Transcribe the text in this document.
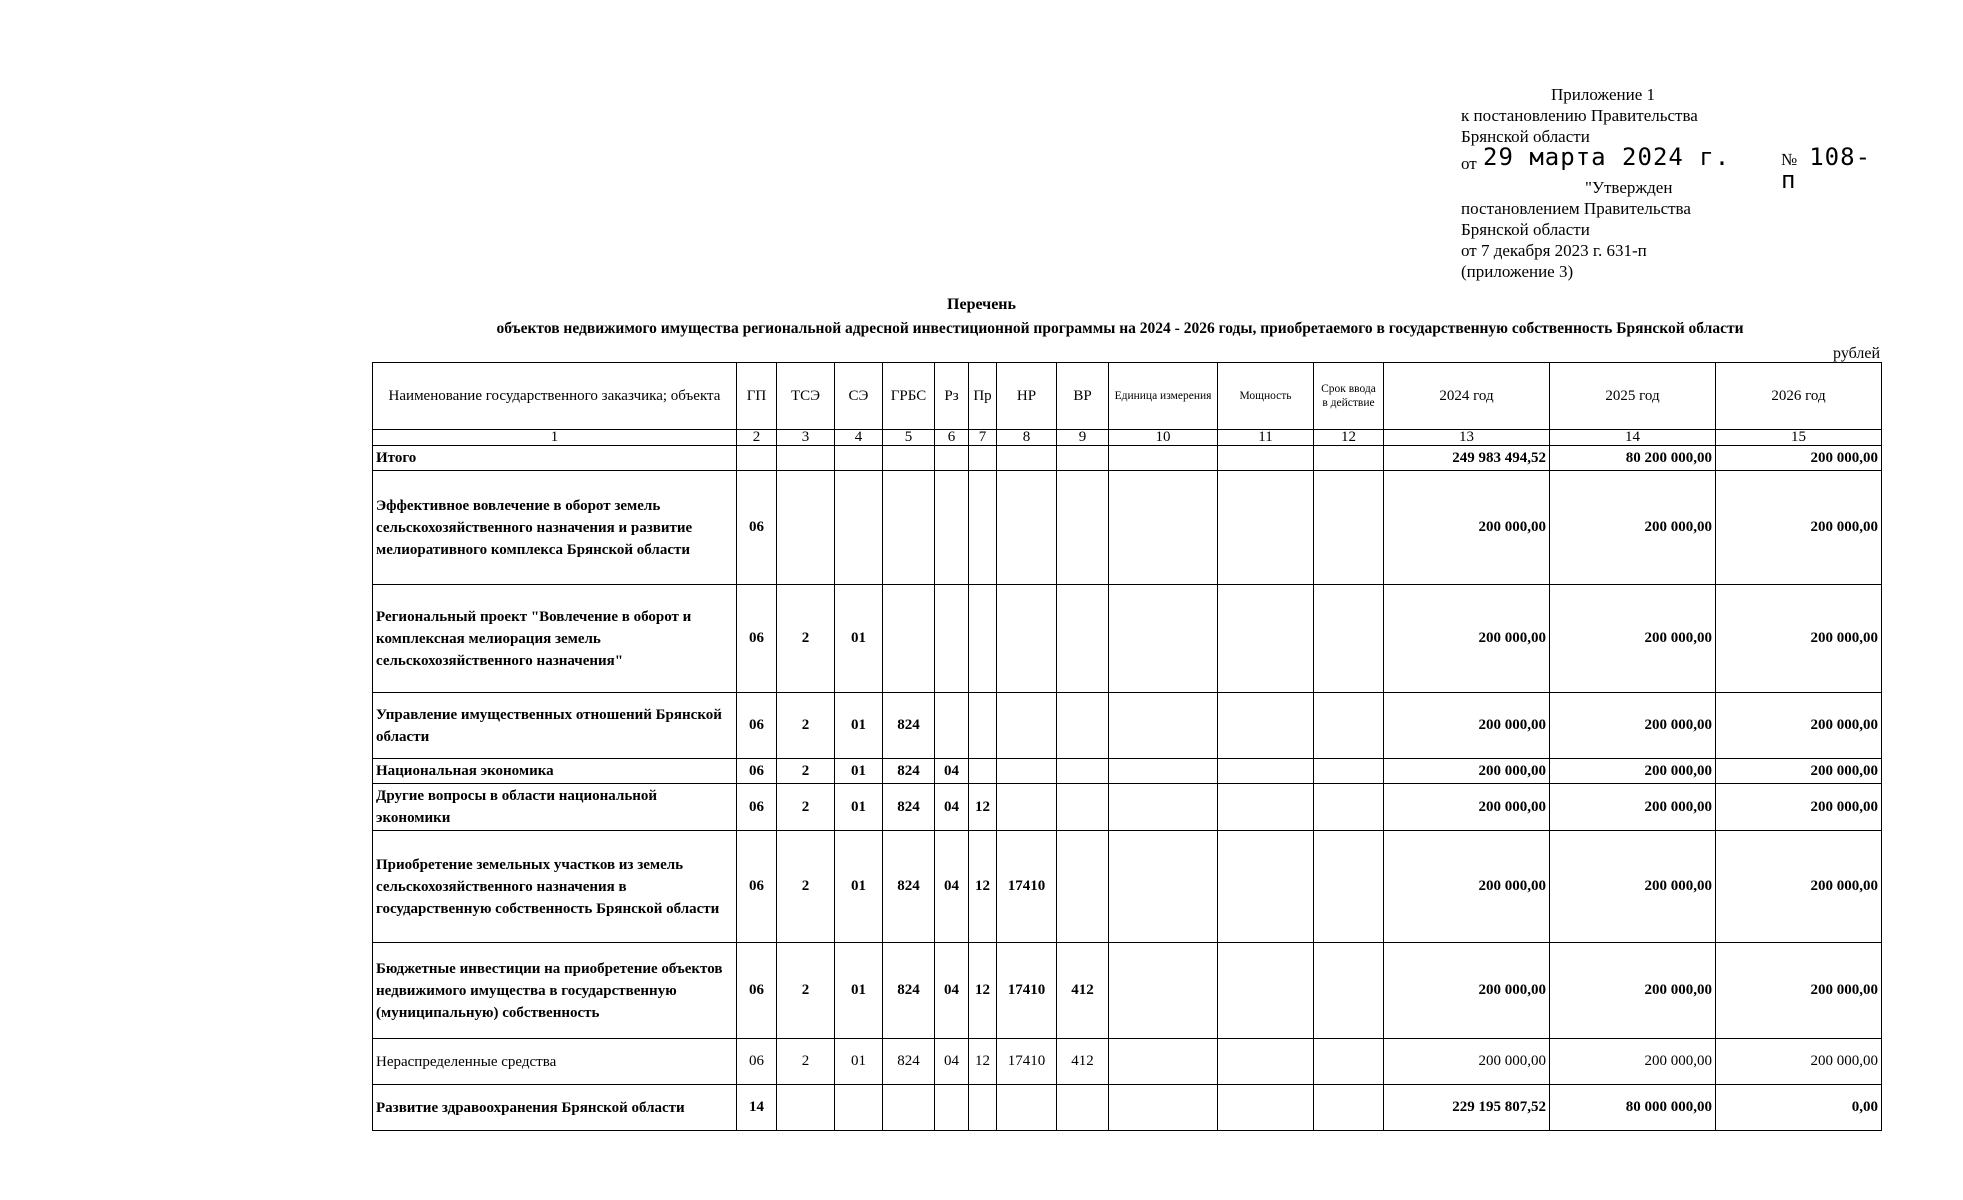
Приложение 1
к постановлению Правительства
Брянской области
от 29 марта 2024 г.	№ 108-п
"Утвержден
постановлением Правительства
Брянской области
от 7 декабря 2023 г. 631-п
(приложение 3)
Перечень
объектов недвижимого имущества региональной адресной инвестиционной программы на 2024 - 2026 годы, приобретаемого в государственную собственность Брянской области
рублей
Наименование государственного заказчика; объекта	ГП	ТСЭ	СЭ	ГРБС	Рз	Пр	НР	ВР	Единица измерения	Мощность	Срок ввода в действие	2024 год	2025 год	2026 год
1	2	3	4	5	6	7	8	9	10	11	12	13	14	15
Итого												249 983 494,52	80 200 000,00	200 000,00
Эффективное вовлечение в оборот земель сельскохозяйственного назначения и развитие мелиоративного комплекса Брянской области	06											200 000,00	200 000,00	200 000,00
Региональный проект "Вовлечение в оборот и комплексная мелиорация земель сельскохозяйственного назначения"	06	2	01									200 000,00	200 000,00	200 000,00
Управление имущественных отношений Брянской области	06	2	01	824								200 000,00	200 000,00	200 000,00
Национальная экономика	06	2	01	824	04							200 000,00	200 000,00	200 000,00
Другие вопросы в области национальной экономики	06	2	01	824	04	12						200 000,00	200 000,00	200 000,00
Приобретение земельных участков из земель сельскохозяйственного назначения в государственную собственность Брянской области	06	2	01	824	04	12	17410					200 000,00	200 000,00	200 000,00
Бюджетные инвестиции на приобретение объектов недвижимого имущества в государственную (муниципальную) собственность	06	2	01	824	04	12	17410	412				200 000,00	200 000,00	200 000,00
Нераспределенные средства	06	2	01	824	04	12	17410	412				200 000,00	200 000,00	200 000,00
Развитие здравоохранения Брянской области	14											229 195 807,52	80 000 000,00	0,00
